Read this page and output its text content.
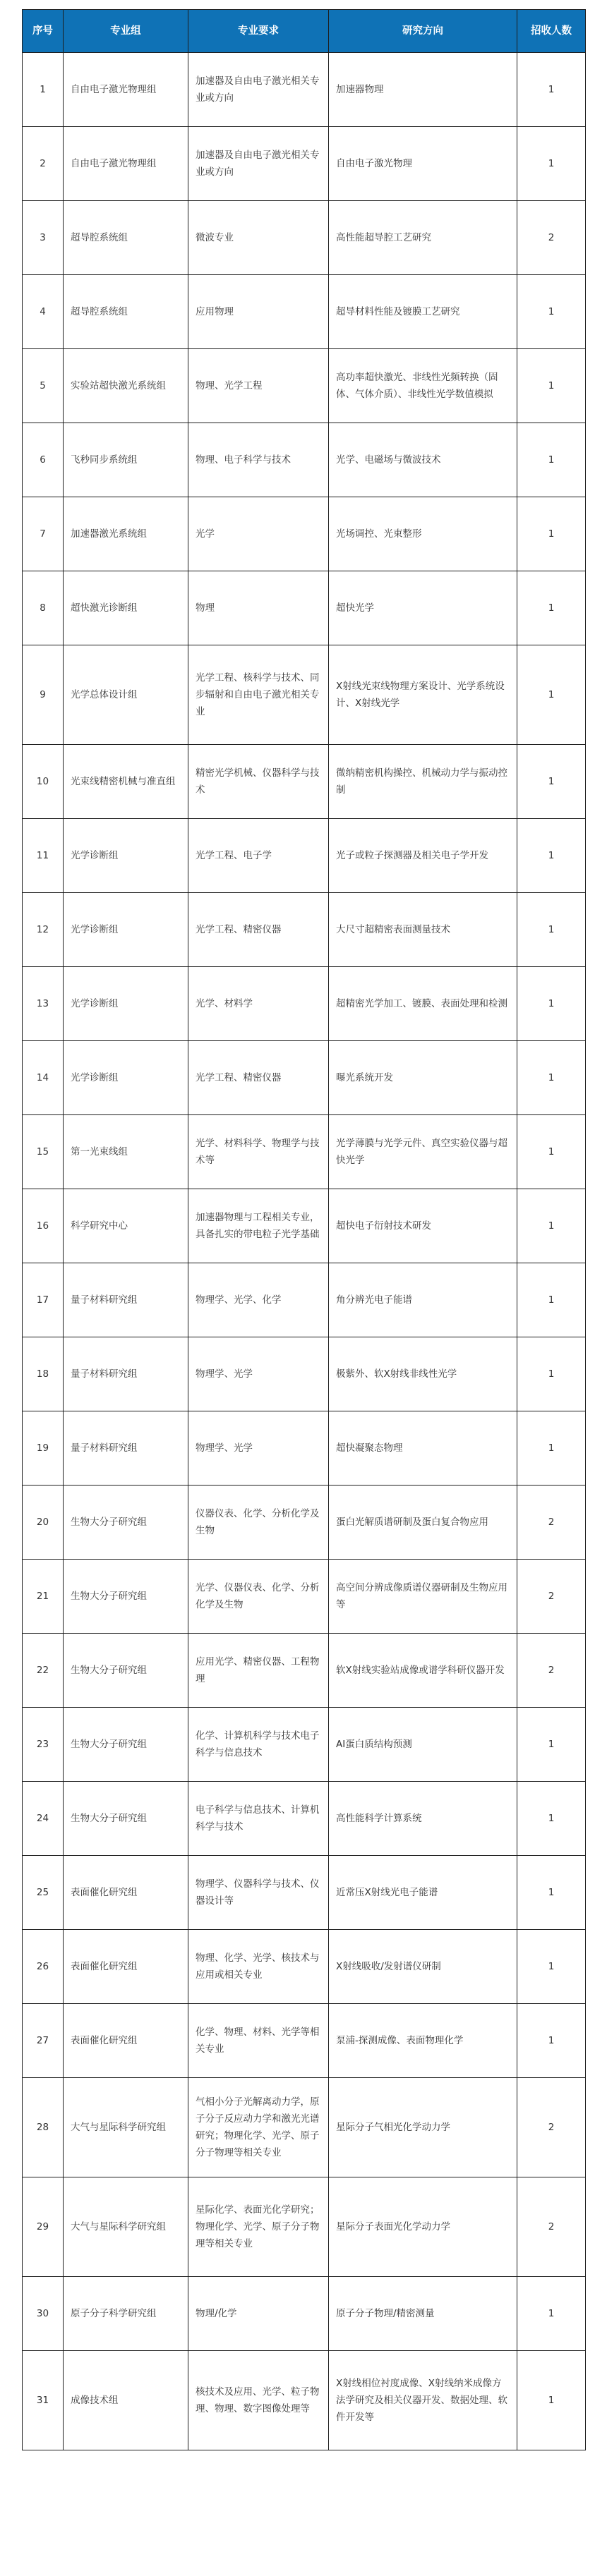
序号	专业组	专业要求	研究方向	招收人数
1	自由电子激光物理组	加速器及自由电子激光相关专业或方向	加速器物理	1
2	自由电子激光物理组	加速器及自由电子激光相关专业或方向	自由电子激光物理	1
3	超导腔系统组	微波专业	高性能超导腔工艺研究	2
4	超导腔系统组	应用物理	超导材料性能及镀膜工艺研究	1
5	实验站超快激光系统组	物理、光学工程	高功率超快激光、非线性光频转换（固体、气体介质）、非线性光学数值模拟	1
6	飞秒同步系统组	物理、电子科学与技术	光学、电磁场与微波技术	1
7	加速器激光系统组	光学	光场调控、光束整形	1
8	超快激光诊断组	物理	超快光学	1
9	光学总体设计组	光学工程、核科学与技术、同步辐射和自由电子激光相关专业	X射线光束线物理方案设计、光学系统设计、X射线光学	1
10	光束线精密机械与准直组	精密光学机械、仪器科学与技术	微纳精密机构操控、机械动力学与振动控制	1
11	光学诊断组	光学工程、电子学	光子或粒子探测器及相关电子学开发	1
12	光学诊断组	光学工程、精密仪器	大尺寸超精密表面测量技术	1
13	光学诊断组	光学、材料学	超精密光学加工、镀膜、表面处理和检测	1
14	光学诊断组	光学工程、精密仪器	曝光系统开发	1
15	第一光束线组	光学、材料科学、物理学与技术等	光学薄膜与光学元件、真空实验仪器与超快光学	1
16	科学研究中心	加速器物理与工程相关专业，具备扎实的带电粒子光学基础	超快电子衍射技术研发	1
17	量子材料研究组	物理学、光学、化学	角分辨光电子能谱	1
18	量子材料研究组	物理学、光学	极紫外、软X射线非线性光学	1
19	量子材料研究组	物理学、光学	超快凝聚态物理	1
20	生物大分子研究组	仪器仪表、化学、分析化学及生物	蛋白光解质谱研制及蛋白复合物应用	2
21	生物大分子研究组	光学、仪器仪表、化学、分析化学及生物	高空间分辨成像质谱仪器研制及生物应用等	2
22	生物大分子研究组	应用光学、精密仪器、工程物理	软X射线实验站成像或谱学科研仪器开发	2
23	生物大分子研究组	化学、计算机科学与技术电子科学与信息技术	AI蛋白质结构预测	1
24	生物大分子研究组	电子科学与信息技术、计算机科学与技术	高性能科学计算系统	1
25	表面催化研究组	物理学、仪器科学与技术、仪器设计等	近常压X射线光电子能谱	1
26	表面催化研究组	物理、化学、光学、核技术与应用或相关专业	X射线吸收/发射谱仪研制	1
27	表面催化研究组	化学、物理、材料、光学等相关专业	泵浦-探测成像、表面物理化学	1
28	大气与星际科学研究组	气相小分子光解离动力学，原子分子反应动力学和激光光谱研究；物理化学、光学、原子分子物理等相关专业	星际分子气相光化学动力学	2
29	大气与星际科学研究组	星际化学、表面光化学研究；物理化学、光学、原子分子物理等相关专业	星际分子表面光化学动力学	2
30	原子分子科学研究组	物理/化学	原子分子物理/精密测量	1
31	成像技术组	核技术及应用、光学、粒子物理、物理、数字图像处理等	X射线相位衬度成像、X射线纳米成像方法学研究及相关仪器开发、数据处理、软件开发等	1
